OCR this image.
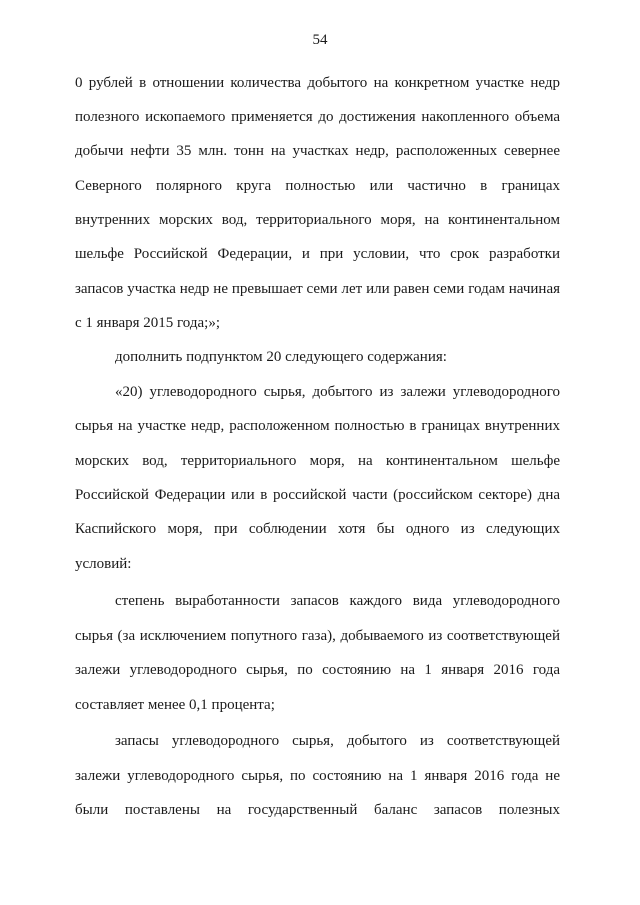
54
0 рублей в отношении количества добытого на конкретном участке недр
полезного ископаемого применяется до достижения накопленного объема
добычи нефти 35 млн. тонн на участках недр, расположенных севернее
Северного полярного круга полностью или частично в границах
внутренних морских вод, территориального моря, на континентальном
шельфе Российской Федерации, и при условии, что срок разработки
запасов участка недр не превышает семи лет или равен семи годам начиная
с 1 января 2015 года;»;
дополнить подпунктом 20 следующего содержания:
«20) углеводородного сырья, добытого из залежи углеводородного
сырья на участке недр, расположенном полностью в границах внутренних
морских вод, территориального моря, на континентальном шельфе
Российской Федерации или в российской части (российском секторе) дна
Каспийского моря, при соблюдении хотя бы одного из следующих
условий:
степень выработанности запасов каждого вида углеводородного
сырья (за исключением попутного газа), добываемого из соответствующей
залежи углеводородного сырья, по состоянию на 1 января 2016 года
составляет менее 0,1 процента;
запасы углеводородного сырья, добытого из соответствующей
залежи углеводородного сырья, по состоянию на 1 января 2016 года не
были поставлены на государственный баланс запасов полезных
